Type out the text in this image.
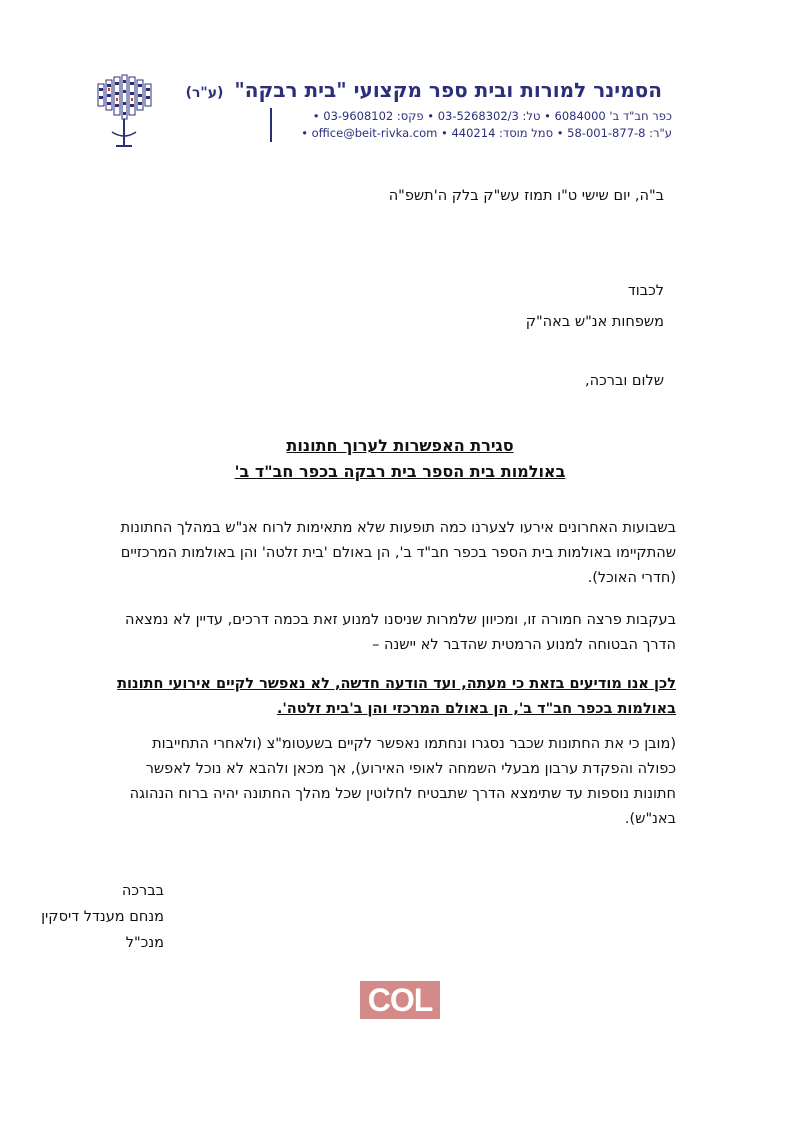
הסמינר למורות ובית ספר מקצועי "בית רבקה" (ע"ר)
כפר חב"ד ב' 6084000 • טל: 03-5268302/3 • פקס: 03-9608102 •
ע"ר: 58-001-877-8 • סמל מוסד: 440214 • office@beit-rivka.com •
ב"ה, יום שישי ט"ו תמוז עש"ק בלק ה'תשפ"ה
לכבוד
משפחות אנ"ש באה"ק
שלום וברכה,
סגירת האפשרות לערוך חתונות
באולמות בית הספר בית רבקה בכפר חב"ד ב'
בשבועות האחרונים אירעו לצערנו כמה תופעות שלא מתאימות לרוח אנ"ש במהלך החתונות שהתקיימו באולמות בית הספר בכפר חב"ד ב', הן באולם 'בית זלטה' והן באולמות המרכזיים (חדרי האוכל).
בעקבות פרצה חמורה זו, ומכיוון שלמרות שניסנו למנוע זאת בכמה דרכים, עדיין לא נמצאה הדרך הבטוחה למנוע הרמטית שהדבר לא יישנה –
לכן אנו מודיעים בזאת כי מעתה, ועד הודעה חדשה, לא נאפשר לקיים אירועי חתונות באולמות בכפר חב"ד ב', הן באולם המרכזי והן ב'בית זלטה'.
(מובן כי את החתונות שכבר נסגרו ונחתמו נאפשר לקיים בשעטומ"צ (ולאחרי התחייבות כפולה והפקדת ערבון מבעלי השמחה לאופי האירוע), אך מכאן ולהבא לא נוכל לאפשר חתונות נוספות עד שתימצא הדרך שתבטיח לחלוטין שכל מהלך החתונה יהיה ברוח הנהוגה באנ"ש).
בברכה
מנחם מענדל דיסקין
מנכ"ל
COL
